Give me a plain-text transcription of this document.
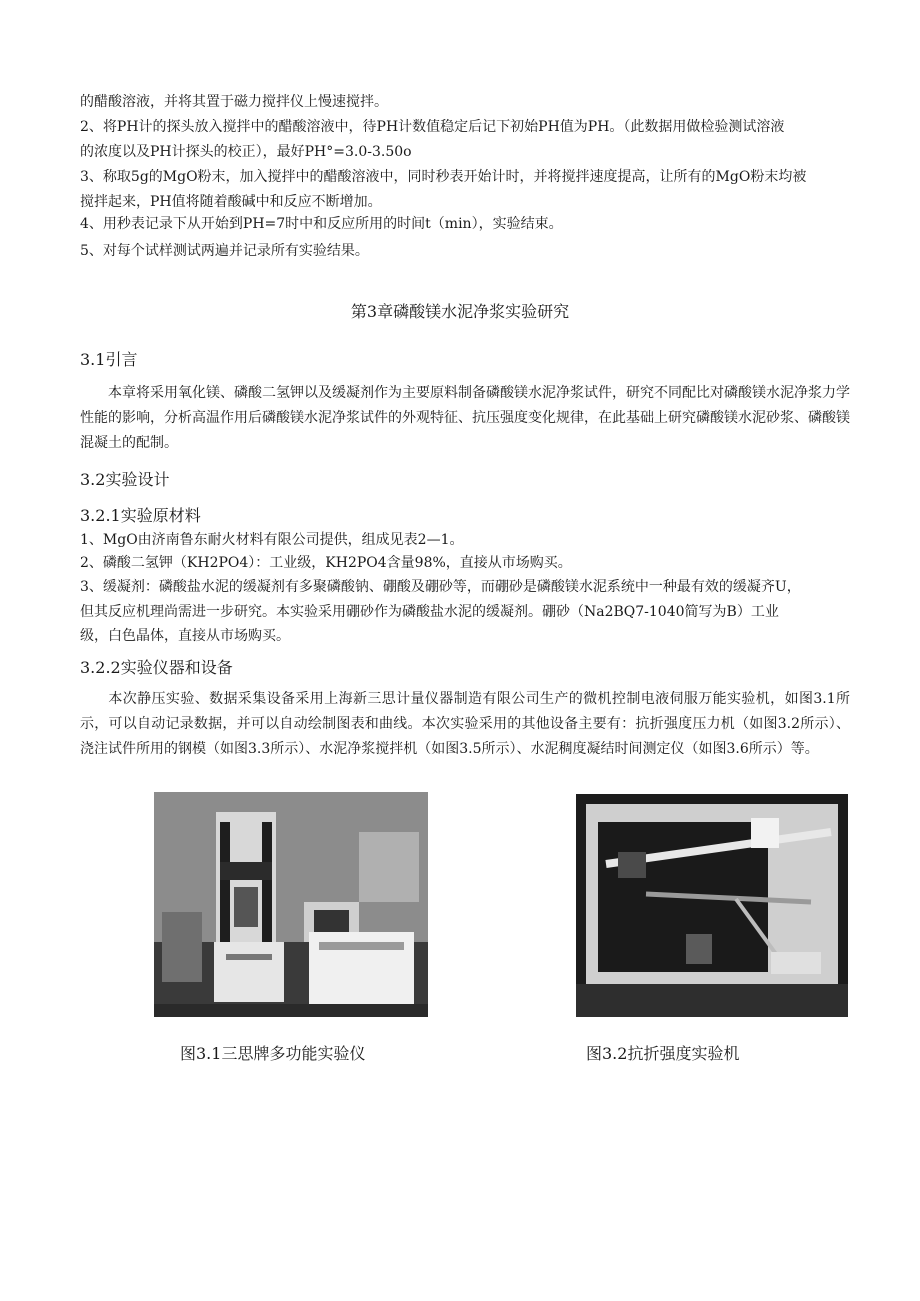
的醋酸溶液，并将其置于磁力搅拌仪上慢速搅拌。
2、将PH计的探头放入搅拌中的醋酸溶液中，待PH计数值稳定后记下初始PH值为PH。（此数据用做检验测试溶液
的浓度以及PH计探头的校正），最好PH°=3.0-3.50o
3、称取5g的MgO粉末，加入搅拌中的醋酸溶液中，同时秒表开始计时，并将搅拌速度提高，让所有的MgO粉末均被
搅拌起来，PH值将随着酸碱中和反应不断增加。
4、用秒表记录下从开始到PH=7时中和反应所用的时间t（min），实验结束。
5、对每个试样测试两遍并记录所有实验结果。
第3章磷酸镁水泥净浆实验研究
3.1引言
本章将采用氧化镁、磷酸二氢钾以及缓凝剂作为主要原料制备磷酸镁水泥净浆试件，研究不同配比对磷酸镁水泥净浆力学性能的影响，分析高温作用后磷酸镁水泥净浆试件的外观特征、抗压强度变化规律，在此基础上研究磷酸镁水泥砂浆、磷酸镁混凝土的配制。
3.2实验设计
3.2.1实验原材料
1、MgO由济南鲁东耐火材料有限公司提供，组成见表2—1。
2、磷酸二氢钾（KH2PO4）：工业级，KH2PO4含量98%，直接从市场购买。
3、缓凝剂：磷酸盐水泥的缓凝剂有多聚磷酸钠、硼酸及硼砂等，而硼砂是磷酸镁水泥系统中一种最有效的缓凝齐U，
但其反应机理尚需进一步研究。本实验采用硼砂作为磷酸盐水泥的缓凝剂。硼砂（Na2BQ7-1040简写为B）工业
级，白色晶体，直接从市场购买。
3.2.2实验仪器和设备
本次静压实验、数据采集设备采用上海新三思计量仪器制造有限公司生产的微机控制电液伺服万能实验机，如图3.1所示，可以自动记录数据，并可以自动绘制图表和曲线。本次实验采用的其他设备主要有：抗折强度压力机（如图3.2所示）、浇注试件所用的钢模（如图3.3所示）、水泥净浆搅拌机（如图3.5所示）、水泥稠度凝结时间测定仪（如图3.6所示）等。
图3.1三思牌多功能实验仪	图3.2抗折强度实验机
